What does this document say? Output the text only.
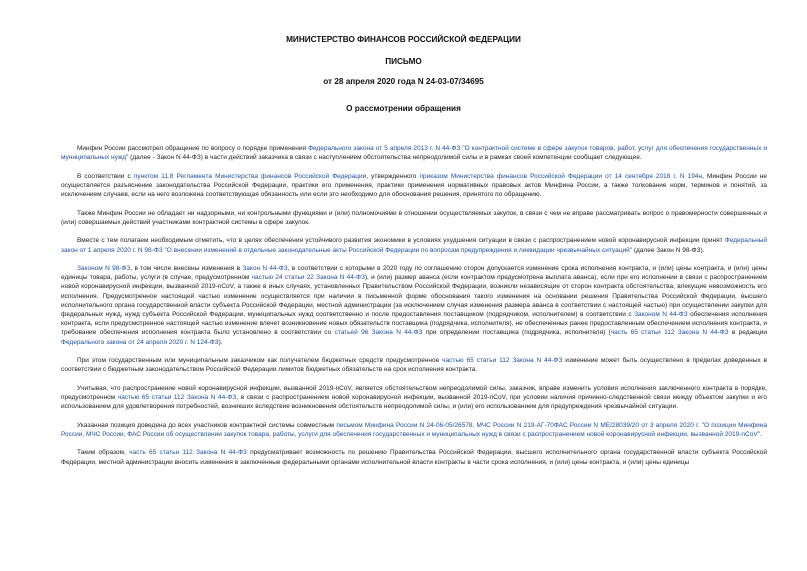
МИНИСТЕРСТВО ФИНАНСОВ РОССИЙСКОЙ ФЕДЕРАЦИИ
ПИСЬМО
от 28 апреля 2020 года N 24-03-07/34695
О рассмотрении обращения

Минфин России рассмотрел обращение по вопросу о порядке применения Федерального закона от 5 апреля 2013 г. N 44-ФЗ "О контрактной системе в сфере закупок товаров, работ, услуг для обеспечения государственных и муниципальных нужд" (далее - Закон N 44-ФЗ) в части действий заказчика в связи с наступлением обстоятельства непреодолимой силы и в рамках своей компетенции сообщает следующее.

В соответствии с пунктом 11.8 Регламента Министерства финансов Российской Федерации, утвержденного приказом Министерства финансов Российской Федерации от 14 сентября 2018 г. N 194н, Минфин России не осуществляется разъяснение законодательства Российской Федерации, практики его применения, практики применения нормативных правовых актов Минфина России, а также толкование норм, терминов и понятий, за исключением случаев, если на него возложена соответствующая обязанность или если это необходимо для обоснования решения, принятого по обращению.

Также Минфин России не обладает ни надзорными, ни контрольными функциями и (или) полномочиями в отношении осуществляемых закупок, в связи с чем не вправе рассматривать вопрос о правомерности совершенных и (или) совершаемых действий участниками контрактной системы в сфере закупок.

Вместе с тем полагаем необходимым отметить, что в целях обеспечения устойчивого развития экономики в условиях ухудшения ситуации в связи с распространением новой коронавирусной инфекции принят Федеральный закон от 1 апреля 2020 г. N 98-ФЗ "О внесении изменений в отдельные законодательные акты Российской Федерации по вопросам предупреждения и ликвидации чрезвычайных ситуаций" (далее Закон N 98-ФЗ).

Законом N 98-ФЗ, в том числе внесены изменения в Закон N 44-ФЗ, в соответствии с которыми в 2020 году по соглашению сторон допускается изменение срока исполнения контракта, и (или) цены контракта, и (или) цены единицы товара, работы, услуги (в случае, предусмотренном частью 24 статьи 22 Закона N 44-ФЗ), и (или) размер аванса (если контрактом предусмотрена выплата аванса), если при его исполнении в связи с распространением новой коронавирусной инфекции, вызванной 2019-nCoV, а также в иных случаях, установленных Правительством Российской Федерации, возникли независящие от сторон контракта обстоятельства, влекущие невозможность его исполнения. Предусмотренное настоящей частью изменение осуществляется при наличии в письменной форме обоснования такого изменения на основании решения Правительства Российской Федерации, высшего исполнительного органа государственной власти субъекта Российской Федерации, местной администрации (за исключением случая изменения размера аванса в соответствии с настоящей частью) при осуществлении закупки для федеральных нужд, нужд субъекта Российской Федерации, муниципальных нужд соответственно и после предоставления поставщиком (подрядчиком, исполнителем) в соответствии с Законом N 44-ФЗ обеспечения исполнения контракта, если предусмотренное настоящей частью изменение влечет возникновение новых обязательств поставщика (подрядчика, исполнителя), не обеспеченных ранее предоставленным обеспечением исполнения контракта, и требование обеспечения исполнения контракта было установлено в соответствии со статьей 96 Закона N 44-ФЗ при определении поставщика (подрядчика, исполнителя) (часть 65 статьи 112 Закона N 44-ФЗ в редакции Федерального закона от 24 апреля 2020 г. N 124-ФЗ).

При этом государственным или муниципальным заказчиком как получателем бюджетных средств предусмотренное частью 65 статьи 112 Закона N 44-ФЗ изменение может быть осуществлено в пределах доведенных в соответствии с бюджетным законодательством Российской Федерации лимитов бюджетных обязательств на срок исполнения контракта.

Учитывая, что распространение новой коронавирусной инфекции, вызванной 2019-nCoV, является обстоятельством непреодолимой силы, заказчик, вправе изменить условия исполнения заключенного контракта в порядке, предусмотренном частью 65 статьи 112 Закона N 44-ФЗ, в связи с распространением новой коронавирусной инфекции, вызванной 2019-nCoV, при условии наличия причинно-следственной связи между объектом закупки и его использованием для удовлетворения потребностей, возникших вследствие возникновения обстоятельств непреодолимой силы, и (или) его использованием для предупреждения чрезвычайной ситуации.

Указанная позиция доведена до всех участников контрактной системы совместным письмом Минфина России N 24-06-05/26578, МЧС России N 219-АГ-70ФАС России N МЕ/28039/20 от 3 апреля 2020 г. "О позиции Минфина России, МЧС России, ФАС России об осуществлении закупок товара, работы, услуги для обеспечения государственных и муниципальных нужд в связи с распространением новой коронавирусной инфекции, вызванной 2019-nCoV".

Таким образом, часть 65 статьи 112 Закона N 44-ФЗ предусматривает возможность по решению Правительства Российской Федерации, высшего исполнительного органа государственной власти субъекта Российской Федерации, местной администрации вносить изменения в заключенные федеральными органами исполнительной власти контракты в части срока исполнения, и (или) цены контракта, и (или) цены единицы
